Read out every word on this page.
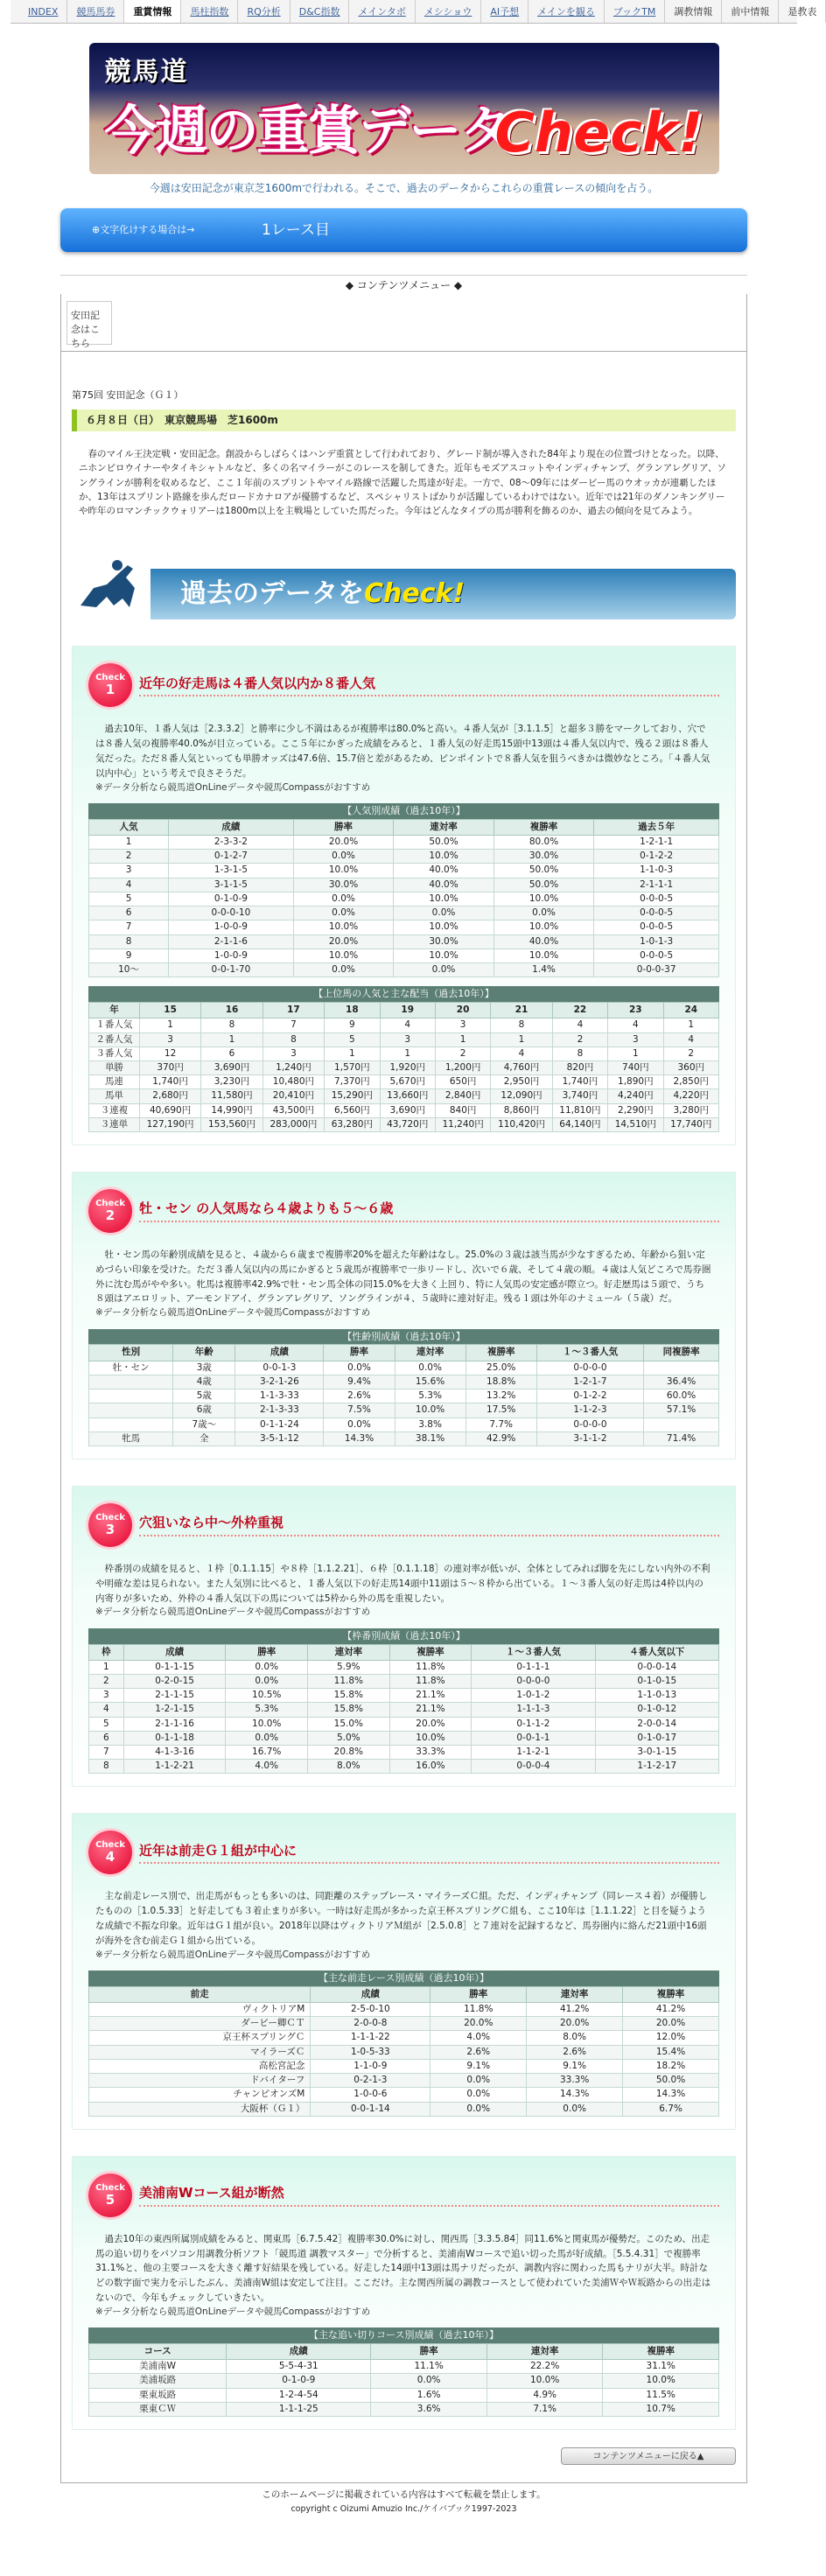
INDEX	競馬馬券	重賞情報	馬柱指数	RQ分析	D&C指数	メインタボ	メシショウ	AI予想	メインを観る	ブックTM	調教情報	前中情報	是教表
競馬道
今週の重賞データ
Check!
今週は安田記念が東京芝1600mで行われる。そこで、過去のデータからこれらの重賞レースの傾向を占う。
⊕文字化けする場合は→	1レース目
◆ コンテンツメニュー ◆
安田記念はこちら
第75回 安田記念（Ｇ１）
６月８日（日）　東京競馬場　芝1600m
春のマイル王決定戦・安田記念。創設からしばらくはハンデ重賞として行われており、グレード制が導入された84年より現在の位置づけとなった。以降、ニホンピロウイナーやタイキシャトルなど、多くの名マイラーがこのレースを制してきた。近年もモズアスコットやインディチャンプ、グランアレグリア、ソングラインが勝利を収めるなど、ここ１年前のスプリントやマイル路線で活躍した馬達が好走。一方で、08〜09年にはダービー馬のウオッカが連覇したほか、13年はスプリント路線を歩んだロードカナロアが優勝するなど、スペシャリストばかりが活躍しているわけではない。近年では21年のダノンキングリーや昨年のロマンチックウォリアーは1800m以上を主戦場としていた馬だった。今年はどんなタイプの馬が勝利を飾るのか、過去の傾向を見てみよう。
過去のデータをCheck!
Check
1	近年の好走馬は４番人気以内か８番人気
過去10年、１番人気は［2.3.3.2］と勝率に少し不満はあるが複勝率は80.0%と高い。４番人気が［3.1.1.5］と超多３勝をマークしており、穴では８番人気の複勝率40.0%が目立っている。ここ５年にかぎった成績をみると、１番人気の好走馬15頭中13頭は４番人気以内で、残る２頭は８番人気だった。ただ８番人気といっても単勝オッズは47.6倍、15.7倍と差があるため、ピンポイントで８番人気を狙うべきかは微妙なところ。「４番人気以内中心」という考えで良さそうだ。
※データ分析なら競馬道OnLineデータや競馬Compassがおすすめ
【人気別成績（過去10年）】
人気	成績	勝率	連対率	複勝率	過去５年
1	2-3-3-2	20.0%	50.0%	80.0%	1-2-1-1
2	0-1-2-7	0.0%	10.0%	30.0%	0-1-2-2
3	1-3-1-5	10.0%	40.0%	50.0%	1-1-0-3
4	3-1-1-5	30.0%	40.0%	50.0%	2-1-1-1
5	0-1-0-9	0.0%	10.0%	10.0%	0-0-0-5
6	0-0-0-10	0.0%	0.0%	0.0%	0-0-0-5
7	1-0-0-9	10.0%	10.0%	10.0%	0-0-0-5
8	2-1-1-6	20.0%	30.0%	40.0%	1-0-1-3
9	1-0-0-9	10.0%	10.0%	10.0%	0-0-0-5
10〜	0-0-1-70	0.0%	0.0%	1.4%	0-0-0-37
【上位馬の人気と主な配当（過去10年）】
年	15	16	17	18	19	20	21	22	23	24
１番人気	1	8	7	9	4	3	8	4	4	1
２番人気	3	1	8	5	3	1	1	2	3	4
３番人気	12	6	3	1	1	2	4	8	1	2
単勝	370円	3,690円	1,240円	1,570円	1,920円	1,200円	4,760円	820円	740円	360円
馬連	1,740円	3,230円	10,480円	7,370円	5,670円	650円	2,950円	1,740円	1,890円	2,850円
馬単	2,680円	11,580円	20,410円	15,290円	13,660円	2,840円	12,090円	3,740円	4,240円	4,220円
３連複	40,690円	14,990円	43,500円	6,560円	3,690円	840円	8,860円	11,810円	2,290円	3,280円
３連単	127,190円	153,560円	283,000円	63,280円	43,720円	11,240円	110,420円	64,140円	14,510円	17,740円
Check
2	牡・セン の人気馬なら４歳よりも５〜６歳
牡・セン馬の年齢別成績を見ると、４歳から６歳まで複勝率20%を超えた年齢はなし。25.0%の３歳は該当馬が少なすぎるため、年齢から狙い定めづらい印象を受けた。ただ３番人気以内の馬にかぎると５歳馬が複勝率で一歩リードし、次いで６歳、そして４歳の順。４歳は人気どころで馬券圏外に沈む馬がやや多い。牝馬は複勝率42.9%で牡・セン馬全体の同15.0%を大きく上回り、特に人気馬の安定感が際立つ。好走歴馬は５頭で、うち８頭はアエロリット、アーモンドアイ、グランアレグリア、ソングラインが４、５歳時に連対好走。残る１頭は外年のナミュール（５歳）だ。
※データ分析なら競馬道OnLineデータや競馬Compassがおすすめ
【性齢別成績（過去10年）】
性別	年齢	成績	勝率	連対率	複勝率	１〜３番人気	同複勝率
牡・セン	3歳	0-0-1-3	0.0%	0.0%	25.0%	0-0-0-0	
	4歳	3-2-1-26	9.4%	15.6%	18.8%	1-2-1-7	36.4%
	5歳	1-1-3-33	2.6%	5.3%	13.2%	0-1-2-2	60.0%
	6歳	2-1-3-33	7.5%	10.0%	17.5%	1-1-2-3	57.1%
	7歳〜	0-1-1-24	0.0%	3.8%	7.7%	0-0-0-0	
牝馬	全	3-5-1-12	14.3%	38.1%	42.9%	3-1-1-2	71.4%
Check
3	穴狙いなら中〜外枠重視
枠番別の成績を見ると、１枠［0.1.1.15］や８枠［1.1.2.21］、６枠［0.1.1.18］の連対率が低いが、全体としてみれば脚を先にしない内外の不利や明確な差は見られない。また人気別に比べると、１番人気以下の好走馬14頭中11頭は５〜８枠から出ている。１〜３番人気の好走馬は4枠以内の内寄りが多いため、外枠の４番人気以下の馬については5枠から外の馬を重視したい。
※データ分析なら競馬道OnLineデータや競馬Compassがおすすめ
【枠番別成績（過去10年）】
枠	成績	勝率	連対率	複勝率	１〜３番人気	４番人気以下
1	0-1-1-15	0.0%	5.9%	11.8%	0-1-1-1	0-0-0-14
2	0-2-0-15	0.0%	11.8%	11.8%	0-0-0-0	0-1-0-15
3	2-1-1-15	10.5%	15.8%	21.1%	1-0-1-2	1-1-0-13
4	1-2-1-15	5.3%	15.8%	21.1%	1-1-1-3	0-1-0-12
5	2-1-1-16	10.0%	15.0%	20.0%	0-1-1-2	2-0-0-14
6	0-1-1-18	0.0%	5.0%	10.0%	0-0-1-1	0-1-0-17
7	4-1-3-16	16.7%	20.8%	33.3%	1-1-2-1	3-0-1-15
8	1-1-2-21	4.0%	8.0%	16.0%	0-0-0-4	1-1-2-17
Check
4	近年は前走Ｇ１組が中心に
主な前走レース別で、出走馬がもっとも多いのは、同距離のステップレース・マイラーズＣ組。ただ、インディチャンプ（同レース４着）が優勝したものの［1.0.5.33］と好走しても３着止まりが多い。一時は好走馬が多かった京王杯スプリングＣ組も、ここ10年は［1.1.1.22］と目を疑うような成績で不振な印象。近年はＧ１組が良い。2018年以降はヴィクトリアＭ組が［2.5.0.8］と７連対を記録するなど、馬券圏内に絡んだ21頭中16頭が海外を含む前走Ｇ１組から出ている。
※データ分析なら競馬道OnLineデータや競馬Compassがおすすめ
【主な前走レース別成績（過去10年）】
前走	成績	勝率	連対率	複勝率
ヴィクトリアM	2-5-0-10	11.8%	41.2%	41.2%
ダービー卿ＣＴ	2-0-0-8	20.0%	20.0%	20.0%
京王杯スプリングＣ	1-1-1-22	4.0%	8.0%	12.0%
マイラーズＣ	1-0-5-33	2.6%	2.6%	15.4%
高松宮記念	1-1-0-9	9.1%	9.1%	18.2%
ドバイターフ	0-2-1-3	0.0%	33.3%	50.0%
チャンピオンズM	1-0-0-6	0.0%	14.3%	14.3%
大阪杯（Ｇ１）	0-0-1-14	0.0%	0.0%	6.7%
Check
5	美浦南Wコース組が断然
過去10年の東西所属別成績をみると、関東馬［6.7.5.42］複勝率30.0%に対し、関西馬［3.3.5.84］同11.6%と関東馬が優勢だ。このため、出走馬の追い切りをパソコン用調教分析ソフト「競馬道 調教マスター」で分析すると、美浦南Wコースで追い切った馬が好成績。［5.5.4.31］で複勝率31.1%と、他の主要コースを大きく離す好結果を残している。好走した14頭中13頭は馬ナリだったが、調教内容に関わった馬もナリが大半。時計などの数字面で実力を示したぶん、美浦南W組は安定して注目。ここだけ。主な関西所属の調教コースとして使われていた美浦ＷやＷ坂路からの出走はないので、今年もチェックしていきたい。
※データ分析なら競馬道OnLineデータや競馬Compassがおすすめ
【主な追い切りコース別成績（過去10年）】
コース	成績	勝率	連対率	複勝率
美浦南W	5-5-4-31	11.1%	22.2%	31.1%
美浦坂路	0-1-0-9	0.0%	10.0%	10.0%
栗東坂路	1-2-4-54	1.6%	4.9%	11.5%
栗東ＣＷ	1-1-1-25	3.6%	7.1%	10.7%
コンテンツメニューに戻る▲
このホームページに掲載されている内容はすべて転載を禁止します。
copyright c Oizumi Amuzio Inc./ケイバブック1997-2023
